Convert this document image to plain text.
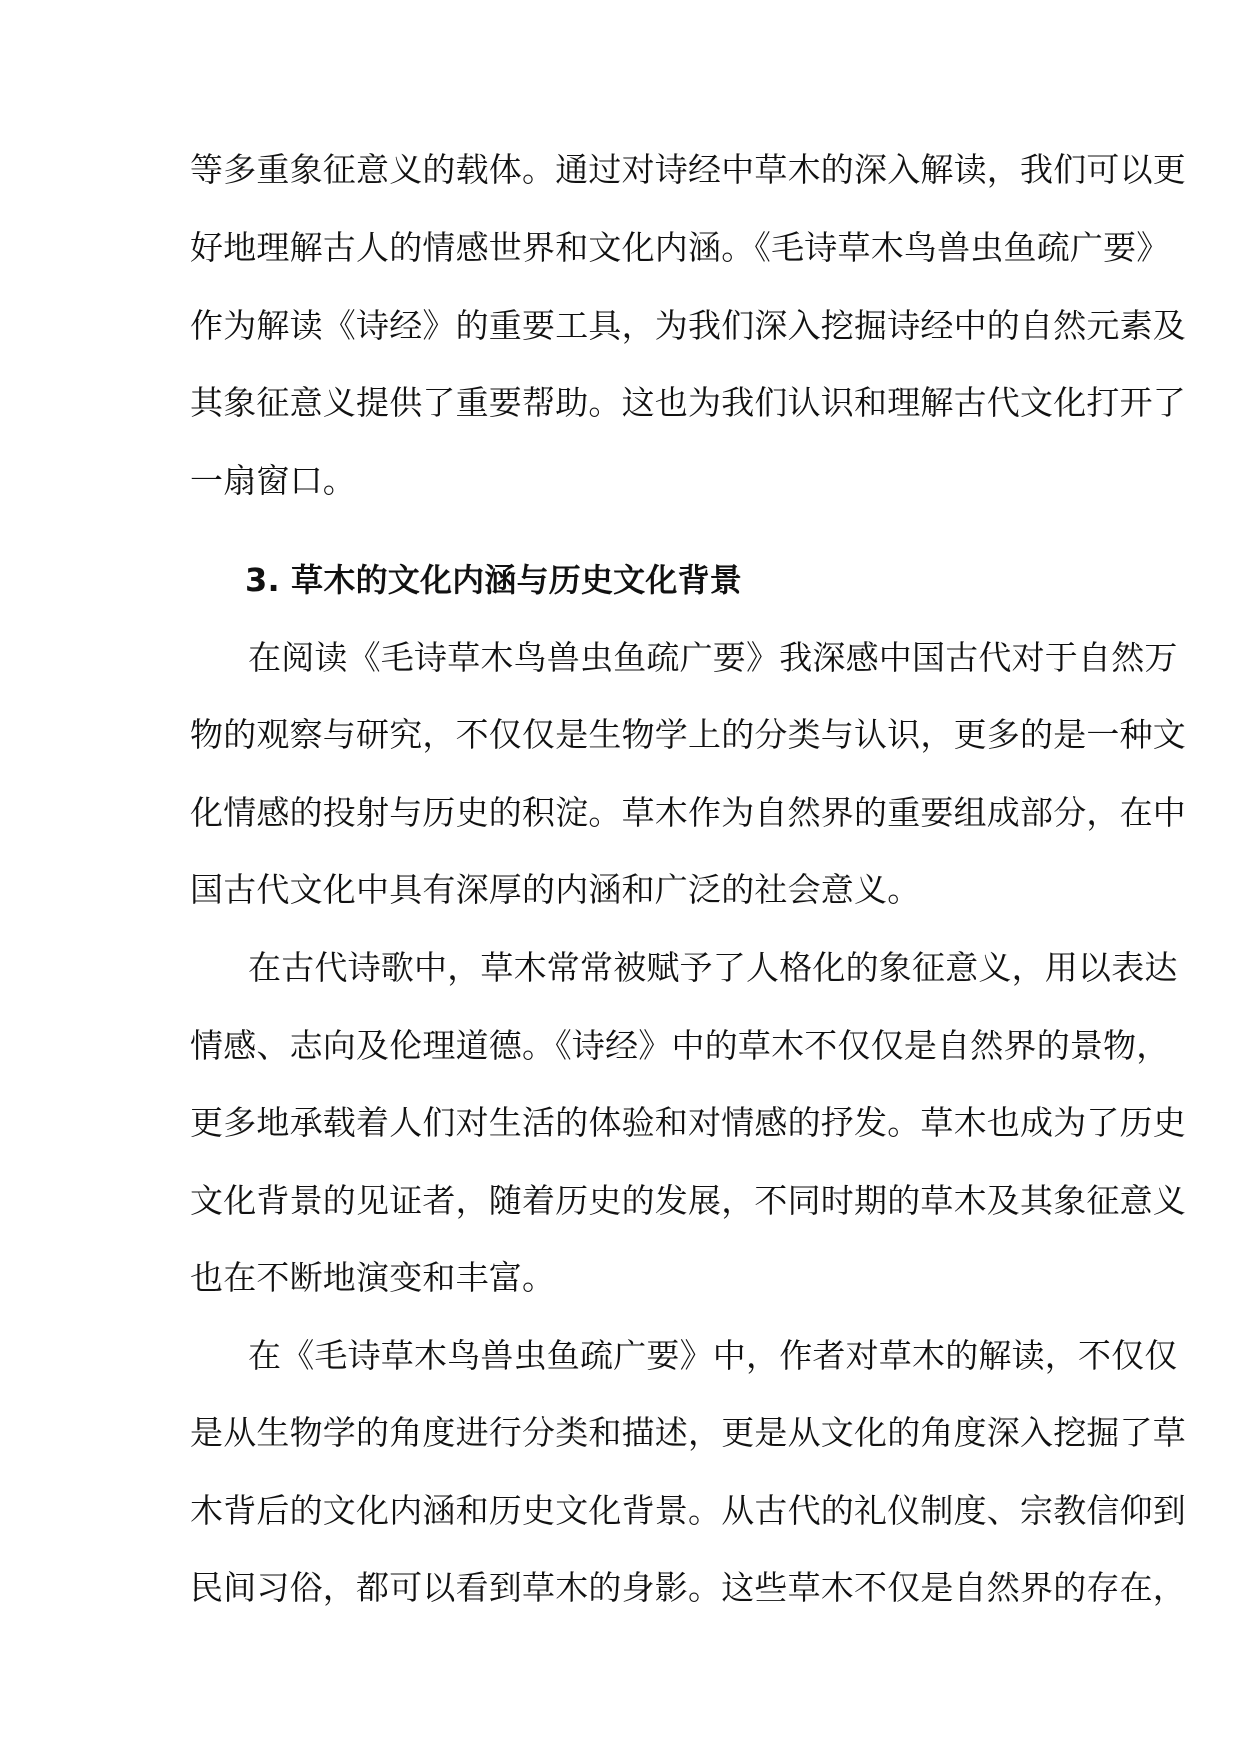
等多重象征意义的载体。通过对诗经中草木的深入解读，我们可以更
好地理解古人的情感世界和文化内涵。《毛诗草木鸟兽虫鱼疏广要》
作为解读《诗经》的重要工具，为我们深入挖掘诗经中的自然元素及
其象征意义提供了重要帮助。这也为我们认识和理解古代文化打开了
一扇窗口。
3. 草木的文化内涵与历史文化背景
在阅读《毛诗草木鸟兽虫鱼疏广要》我深感中国古代对于自然万
物的观察与研究，不仅仅是生物学上的分类与认识，更多的是一种文
化情感的投射与历史的积淀。草木作为自然界的重要组成部分，在中
国古代文化中具有深厚的内涵和广泛的社会意义。
在古代诗歌中，草木常常被赋予了人格化的象征意义，用以表达
情感、志向及伦理道德。《诗经》中的草木不仅仅是自然界的景物，
更多地承载着人们对生活的体验和对情感的抒发。草木也成为了历史
文化背景的见证者，随着历史的发展，不同时期的草木及其象征意义
也在不断地演变和丰富。
在《毛诗草木鸟兽虫鱼疏广要》中，作者对草木的解读，不仅仅
是从生物学的角度进行分类和描述，更是从文化的角度深入挖掘了草
木背后的文化内涵和历史文化背景。从古代的礼仪制度、宗教信仰到
民间习俗，都可以看到草木的身影。这些草木不仅是自然界的存在，
